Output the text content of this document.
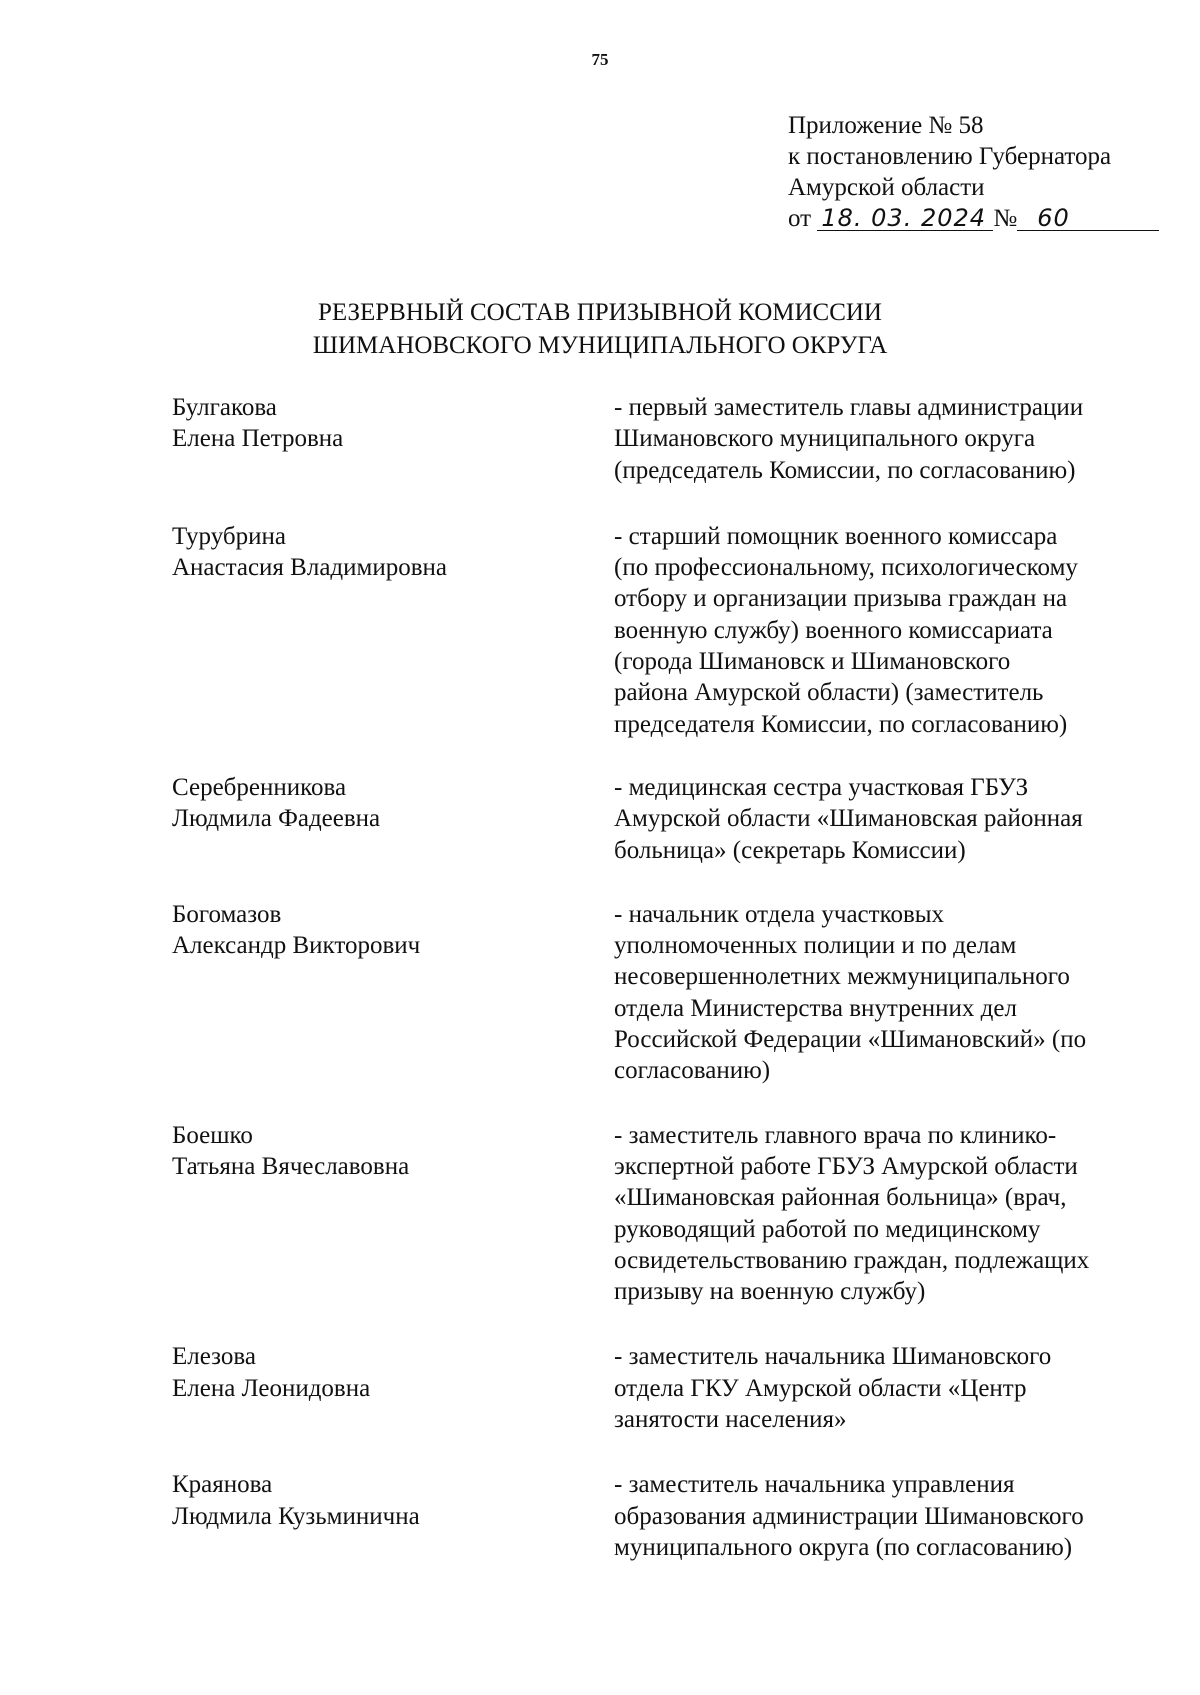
75
Приложение № 58
к постановлению Губернатора
Амурской области
от 18. 03. 2024 № 60
РЕЗЕРВНЫЙ СОСТАВ ПРИЗЫВНОЙ КОМИССИИ
ШИМАНОВСКОГО МУНИЦИПАЛЬНОГО ОКРУГА
Булгакова
Елена Петровна
- первый заместитель главы администрации
Шимановского муниципального округа
(председатель Комиссии, по согласованию)
Турубрина
Анастасия Владимировна
- старший помощник военного комиссара
(по профессиональному, психологическому
отбору и организации призыва граждан на
военную службу) военного комиссариата
(города Шимановск и Шимановского
района Амурской области) (заместитель
председателя Комиссии, по согласованию)
Серебренникова
Людмила Фадеевна
- медицинская сестра участковая ГБУЗ
Амурской области «Шимановская районная
больница» (секретарь Комиссии)
Богомазов
Александр Викторович
- начальник отдела участковых
уполномоченных полиции и по делам
несовершеннолетних межмуниципального
отдела Министерства внутренних дел
Российской Федерации «Шимановский» (по
согласованию)
Боешко
Татьяна Вячеславовна
- заместитель главного врача по клинико-
экспертной работе ГБУЗ Амурской области
«Шимановская районная больница» (врач,
руководящий работой по медицинскому
освидетельствованию граждан, подлежащих
призыву на военную службу)
Елезова
Елена Леонидовна
- заместитель начальника Шимановского
отдела ГКУ Амурской области «Центр
занятости населения»
Краянова
Людмила Кузьминична
- заместитель начальника управления
образования администрации Шимановского
муниципального округа (по согласованию)
